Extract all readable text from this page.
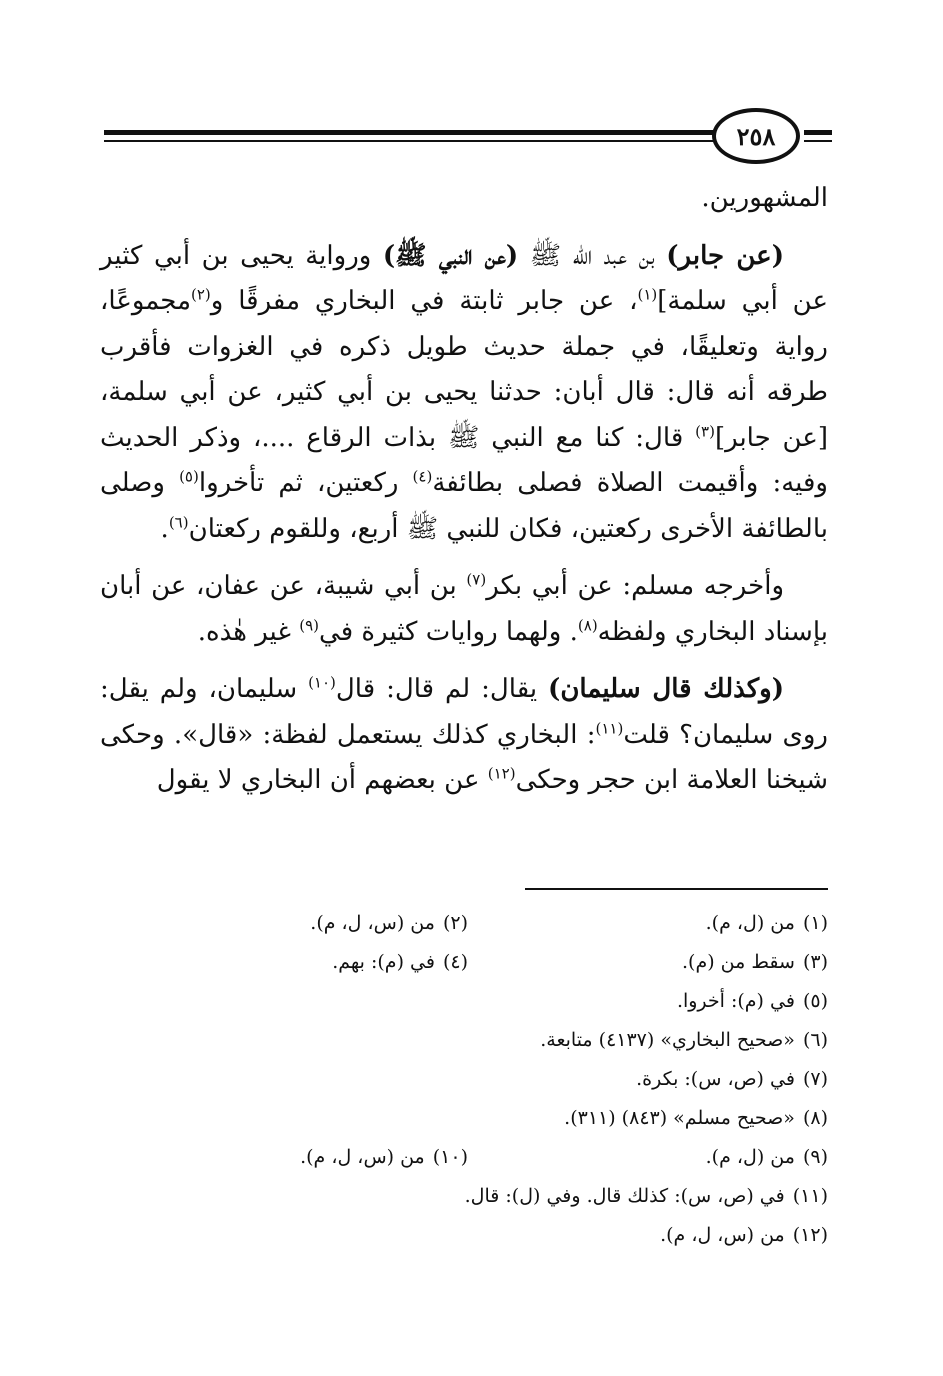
٢٥٨

المشهورين.

(عن جابر) بن عبد الله ﷺ (عن النبي ﷺ) ورواية يحيى بن أبي كثير عن أبي سلمة]$^{(١)}$، عن جابر ثابتة في البخاري مفرقًا و$^{(٢)}$مجموعًا، رواية وتعليقًا، في جملة حديث طويل ذكره في الغزوات فأقرب طرقه أنه قال: قال أبان: حدثنا يحيى بن أبي كثير، عن أبي سلمة، [عن جابر]$^{(٣)}$ قال: كنا مع النبي ﷺ بذات الرقاع ....، وذكر الحديث وفيه: وأقيمت الصلاة فصلى بطائفة$^{(٤)}$ ركعتين، ثم تأخروا$^{(٥)}$ وصلى بالطائفة الأخرى ركعتين، فكان للنبي ﷺ أربع، وللقوم ركعتان$^{(٦)}$.

وأخرجه مسلم: عن أبي بكر$^{(٧)}$ بن أبي شيبة، عن عفان، عن أبان بإسناد البخاري ولفظه$^{(٨)}$. ولهما روايات كثيرة في$^{(٩)}$ غير هٰذه.

(وكذلك قال سليمان) يقال: لم قال: قال$^{(١٠)}$ سليمان، ولم يقل: روى سليمان؟ قلت$^{(١١)}$: البخاري كذلك يستعمل لفظة: «قال». وحكى شيخنا العلامة ابن حجر وحكى$^{(١٢)}$ عن بعضهم أن البخاري لا يقول

(١)من (ل، م).
(٢)من (س، ل، م).
(٣)سقط من (م).
(٤)في (م): بهم.
(٥)في (م): أخروا.
(٦)«صحيح البخاري» (٤١٣٧) متابعة.
(٧)في (ص، س): بكرة.
(٨)«صحيح مسلم» (٨٤٣) (٣١١).
(٩)من (ل، م).
(١٠)من (س، ل، م).
(١١)في (ص، س): كذلك قال. وفي (ل): قال.
(١٢)من (س، ل، م).
